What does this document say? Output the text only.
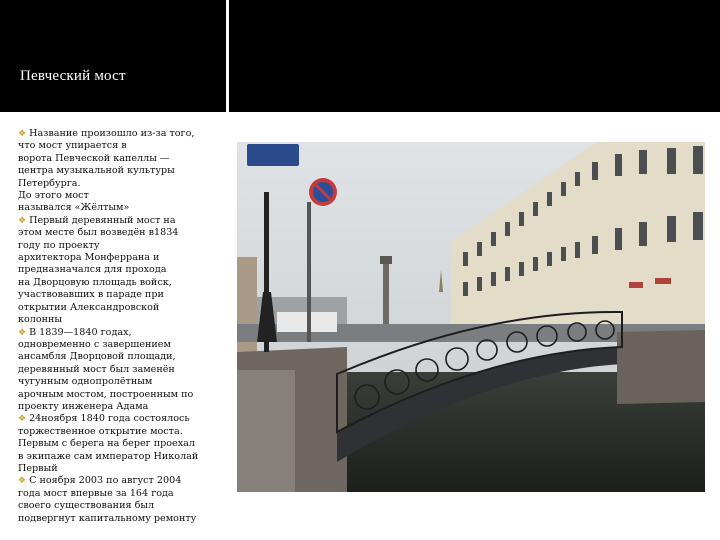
Певческий мост
❖ Название произошло из-за того,
что мост упирается в
ворота Певческой капеллы —
центра музыкальной культуры
Петербурга.
До этого мост
назывался «Жёлтым»
❖ Первый деревянный мост на
этом месте был возведён в1834
году по проекту
архитектора Монферрана и
предназначался для прохода
на Дворцовую площадь войск,
участвовавших в параде при
открытии Александровской
колонны
❖ В 1839—1840 годах,
одновременно с завершением
ансамбля Дворцовой площади,
деревянный мост был заменён
чугунным однопролётным
арочным мостом, построенным по
проекту инженера Адама
❖ 24ноября 1840 года состоялось
торжественное открытие моста.
Первым с берега на берег проехал
в экипаже сам император Николай
Первый
❖ С ноября 2003 по август 2004
года мост впервые за 164 года
своего существования был
подвергнут капитальному ремонту
